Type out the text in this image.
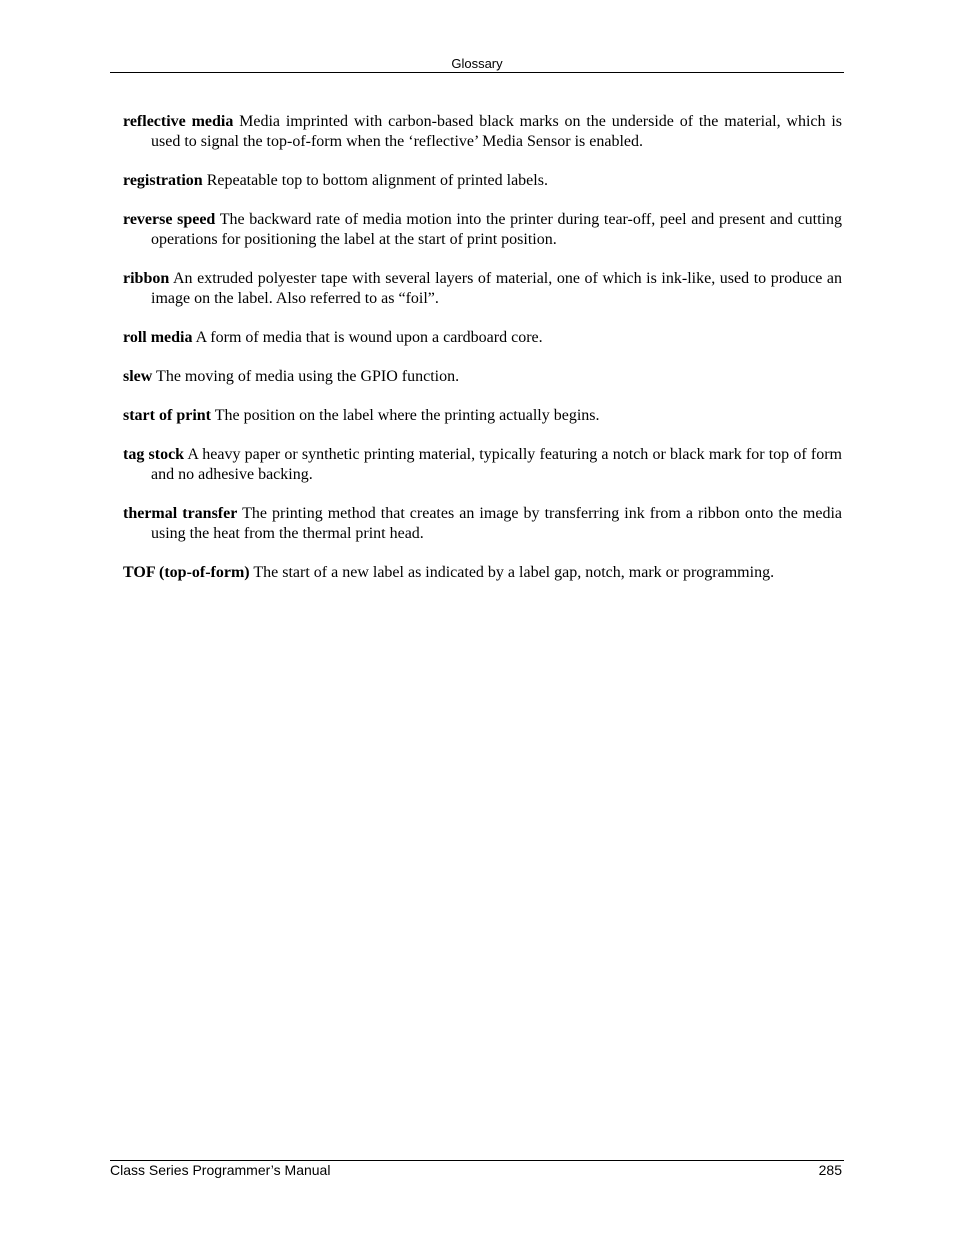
Glossary

reflective media Media imprinted with carbon-based black marks on the underside of the material, which is used to signal the top-of-form when the ‘reflective’ Media Sensor is enabled.

registration Repeatable top to bottom alignment of printed labels.

reverse speed The backward rate of media motion into the printer during tear-off, peel and present and cutting operations for positioning the label at the start of print position.

ribbon An extruded polyester tape with several layers of material, one of which is ink-like, used to produce an image on the label. Also referred to as “foil”.

roll media A form of media that is wound upon a cardboard core.

slew The moving of media using the GPIO function.

start of print The position on the label where the printing actually begins.

tag stock A heavy paper or synthetic printing material, typically featuring a notch or black mark for top of form and no adhesive backing.

thermal transfer The printing method that creates an image by transferring ink from a ribbon onto the media using the heat from the thermal print head.

TOF (top-of-form) The start of a new label as indicated by a label gap, notch, mark or programming.

Class Series Programmer’s Manual	285
